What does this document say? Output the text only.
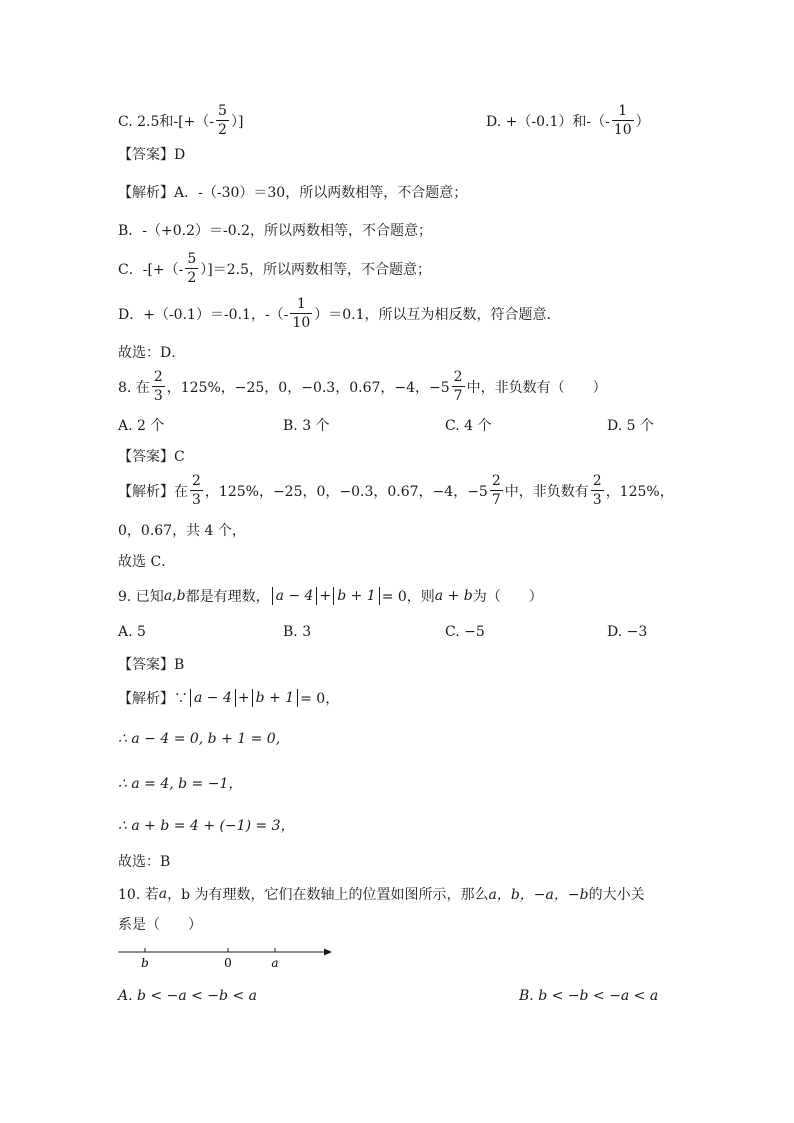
C. 2.5和-[+（- $\frac{5}{2}$ ）]	D. +（-0.1）和-（- $\frac{1}{10}$ ）
【答案】D
【解析】 A．-（-30）＝30，所以两数相等，不合题意；
B．-（+0.2）＝-0.2，所以两数相等，不合题意；
C．-[+（- $\frac{5}{2} )]=2.5$，所以两数相等，不合题意；
D．+（-0.1）＝-0.1，-（- $\frac{1}{10} )=0.1$，所以互为相反数，符合题意．
故选：D．
8. 在 $\frac{2}{3}$ ，125%，−25，0，−0.3，0.67，−4，$-5 \frac{2}{7}$ 中，非负数有（　　）
A. 2 个	B. 3 个	C. 4 个	D. 5 个
【答案】C
【解析】 在 $\frac{2}{3}$ ，125%，−25，0，−0.3，0.67，−4，$-5 \frac{2}{7}$ 中，非负数有 $\frac{2}{3}$ ，125%，
0，0.67，共 4 个，
故选 C．
9. 已知 a,b 都是有理数， a − 4 + b + 1 = 0，则 a + b 为（　　）
A. 5	B. 3	C. −5	D. −3
【答案】B
【解析】∵ a − 4 + b + 1 = 0，
∴ a − 4 = 0, b + 1 = 0,
∴ a = 4, b = −1，
∴ a + b = 4 + (−1) = 3，
故选：B
10. 若 a ，b 为有理数，它们在数轴上的位置如图所示，那么 a，b，−a，−b 的大小关
系是（　　）
b	0	a
A. b < −a < −b < a	B. b < −b < −a < a
